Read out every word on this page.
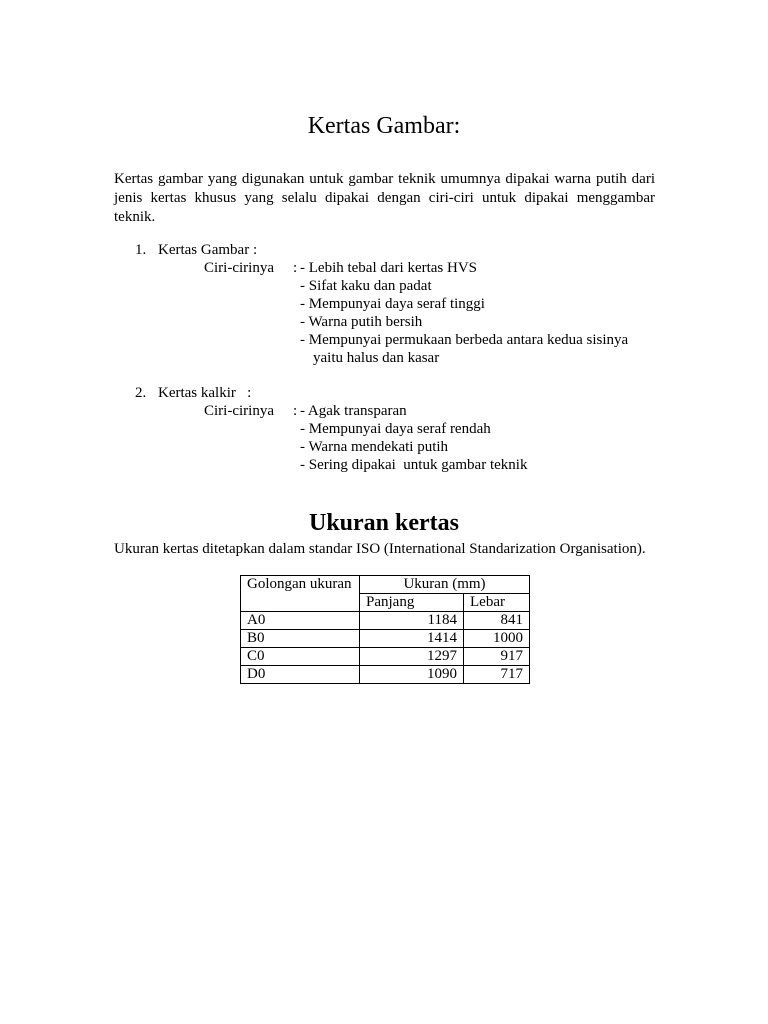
Kertas Gambar:

Kertas gambar yang digunakan untuk gambar teknik umumnya dipakai warna putih dari jenis kertas khusus yang selalu dipakai dengan ciri-ciri untuk dipakai menggambar teknik.

1. Kertas Gambar :
Ciri-cirinya : - Lebih tebal dari kertas HVS
- Sifat kaku dan padat
- Mempunyai daya seraf tinggi
- Warna putih bersih
- Mempunyai permukaan berbeda antara kedua sisinya
yaitu halus dan kasar
2. Kertas kalkir   :
Ciri-cirinya : - Agak transparan
- Mempunyai daya seraf rendah
- Warna mendekati putih
- Sering dipakai  untuk gambar teknik
Ukuran kertas

Ukuran kertas ditetapkan dalam standar ISO (International Standarization Organisation).

Golongan ukuran	Ukuran (mm)	
	Panjang	Lebar
A0	1184	841
B0	1414	1000
C0	1297	917
D0	1090	717
